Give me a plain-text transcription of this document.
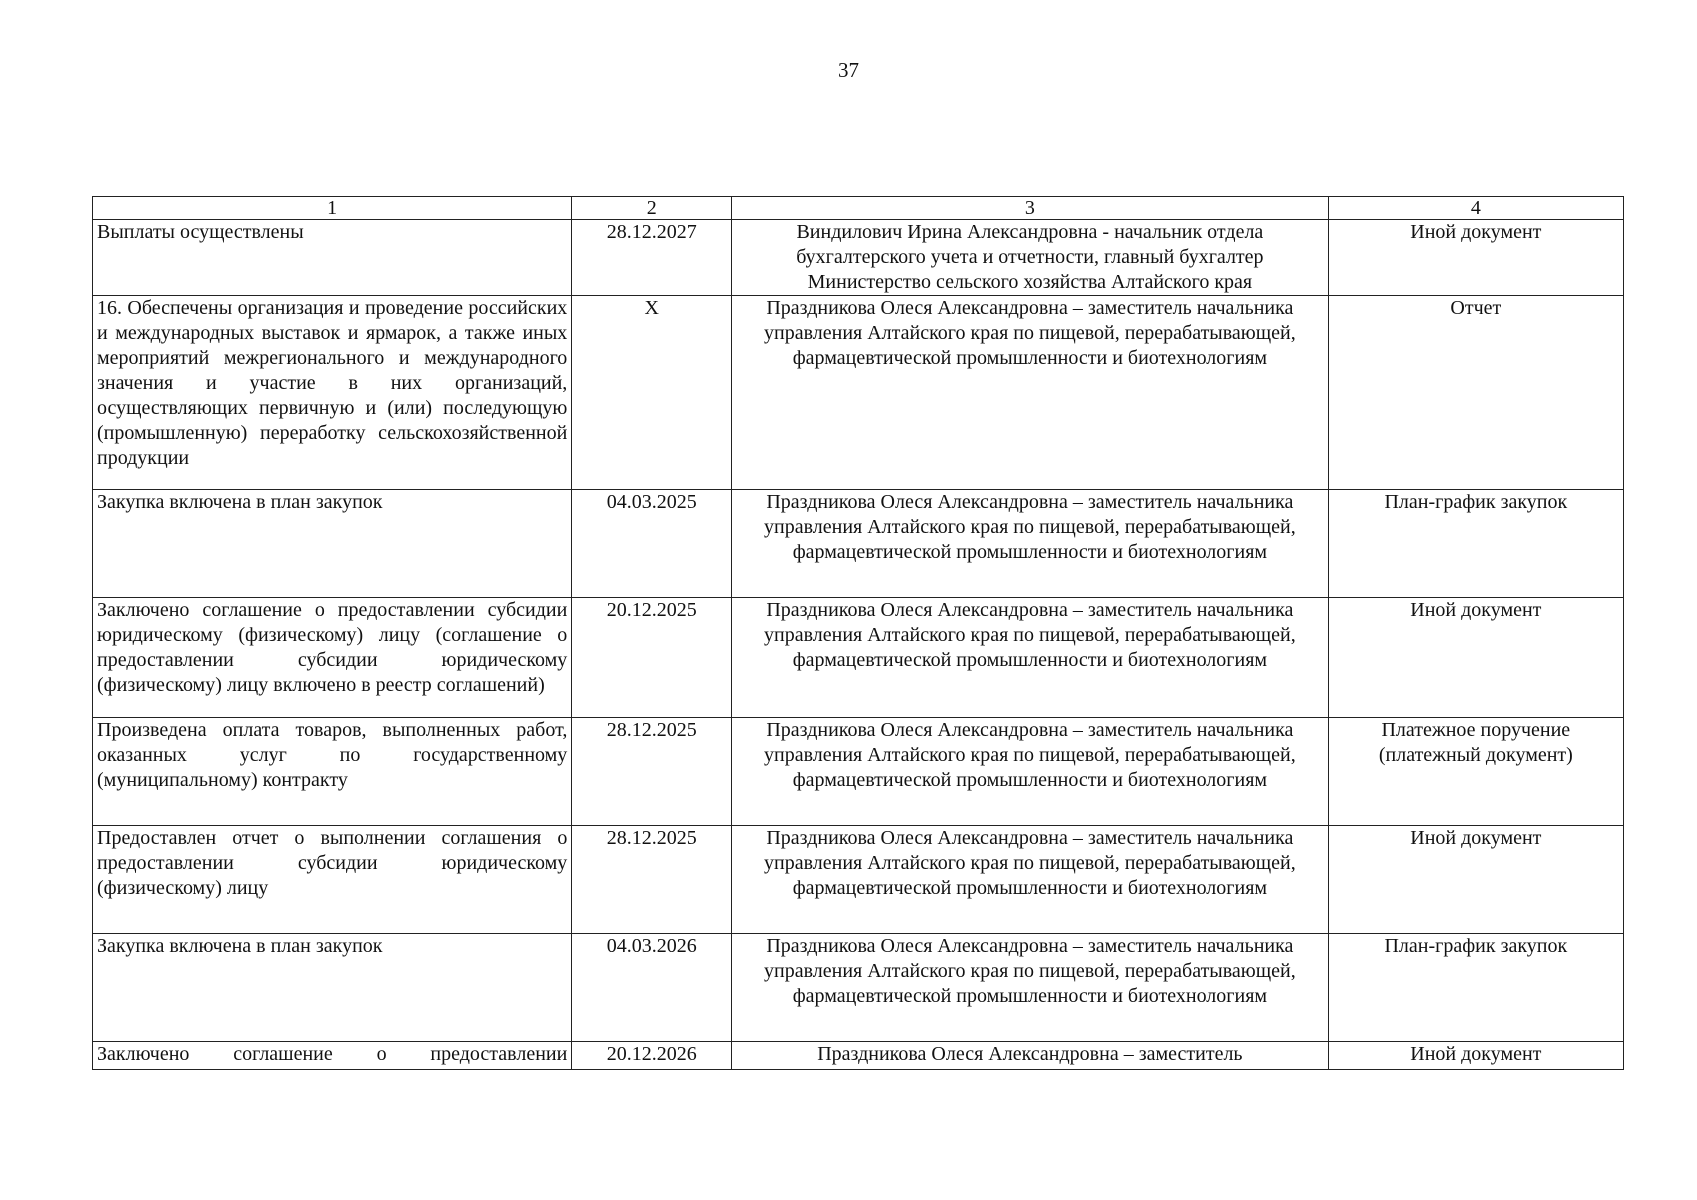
37
1	2	3	4
Выплаты осуществлены	28.12.2027	Виндилович Ирина Александровна - начальник отдела бухгалтерского учета и отчетности, главный бухгалтер Министерство сельского хозяйства Алтайского края	Иной документ
16. Обеспечены организация и проведение российских и международных выставок и ярмарок, а также иных мероприятий межрегионального и международного значения и участие в них организаций, осуществляющих первичную и (или) последующую (промышленную) переработку сельскохозяйственной продукции	Х	Праздникова Олеся Александровна – заместитель начальника управления Алтайского края по пищевой, перерабатывающей, фармацевтической промышленности и биотехнологиям	Отчет
Закупка включена в план закупок	04.03.2025	Праздникова Олеся Александровна – заместитель начальника управления Алтайского края по пищевой, перерабатывающей, фармацевтической промышленности и биотехнологиям	План-график закупок
Заключено соглашение о предоставлении субсидии юридическому (физическому) лицу (соглашение о предоставлении субсидии юридическому (физическому) лицу включено в реестр соглашений)	20.12.2025	Праздникова Олеся Александровна – заместитель начальника управления Алтайского края по пищевой, перерабатывающей, фармацевтической промышленности и биотехнологиям	Иной документ
Произведена оплата товаров, выполненных работ, оказанных услуг по государственному (муниципальному) контракту	28.12.2025	Праздникова Олеся Александровна – заместитель начальника управления Алтайского края по пищевой, перерабатывающей, фармацевтической промышленности и биотехнологиям	Платежное поручение (платежный документ)
Предоставлен отчет о выполнении соглашения о предоставлении субсидии юридическому (физическому) лицу	28.12.2025	Праздникова Олеся Александровна – заместитель начальника управления Алтайского края по пищевой, перерабатывающей, фармацевтической промышленности и биотехнологиям	Иной документ
Закупка включена в план закупок	04.03.2026	Праздникова Олеся Александровна – заместитель начальника управления Алтайского края по пищевой, перерабатывающей, фармацевтической промышленности и биотехнологиям	План-график закупок
Заключено соглашение о предоставлении	20.12.2026	Праздникова Олеся Александровна – заместитель	Иной документ
